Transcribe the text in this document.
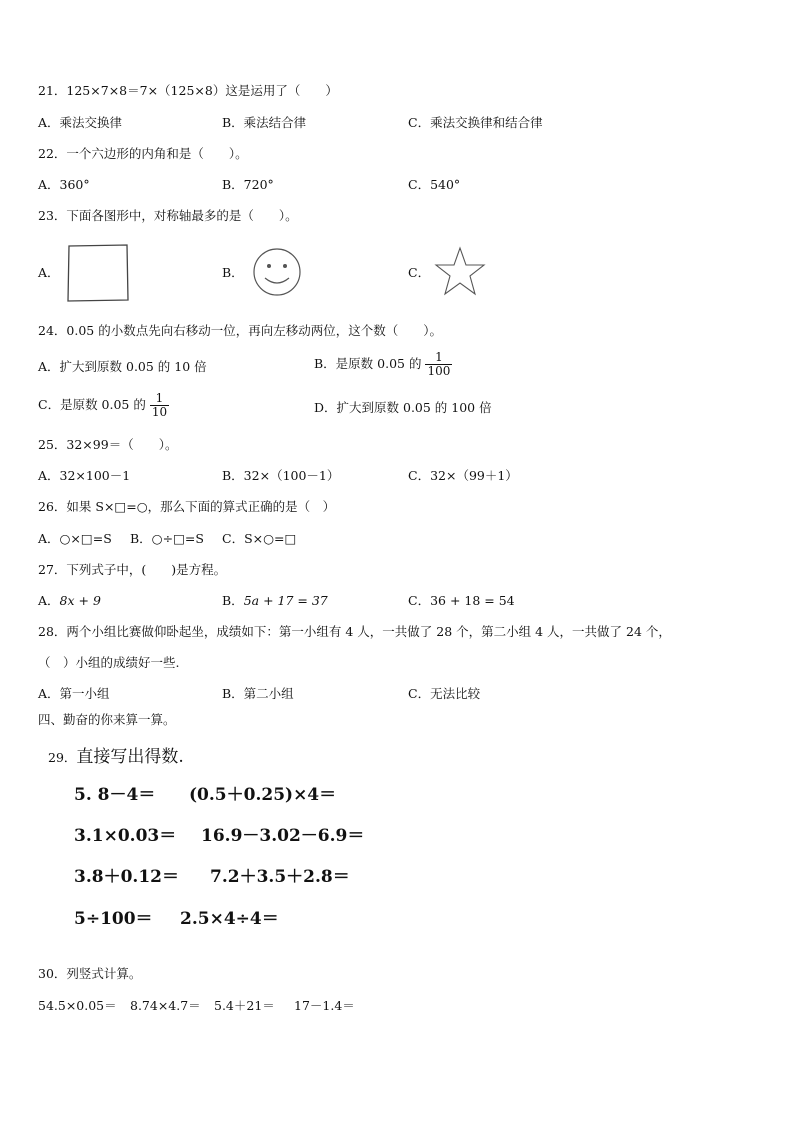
21．125×7×8＝7×（125×8）这是运用了（　　）
A．乘法交换律	B．乘法结合律	C．乘法交换律和结合律
22．一个六边形的内角和是（　　）。
A．360°	B．720°	C．540°
23．下面各图形中，对称轴最多的是（　　）。
A．	B．	C．
24．0.05 的小数点先向右移动一位，再向左移动两位，这个数（　　）。
A．扩大到原数 0.05 的 10 倍	B．是原数 0.05 的 $\frac{1}{100}$
C．是原数 0.05 的 $\frac{1}{10}$	D．扩大到原数 0.05 的 100 倍
25．32×99＝（　　）。
A．32×100－1	B．32×（100－1）	C．32×（99＋1）
26．如果 S×□=○，那么下面的算式正确的是（　）
A．○×□=S B．○÷□=S C．S×○=□
27．下列式子中，(　　)是方程。
A．8x + 9	B．5a + 17 = 37	C．36 + 18 = 54
28．两个小组比赛做仰卧起坐，成绩如下：第一小组有 4 人，一共做了 28 个，第二小组 4 人，一共做了 24 个，
（　）小组的成绩好一些.
A．第一小组	B．第二小组	C．无法比较
四、勤奋的你来算一算。
29．直接写出得数.
5. 8－4＝ (0.5＋0.25)×4＝
3.1×0.03＝ 16.9－3.02－6.9＝
3.8＋0.12＝ 7.2＋3.5＋2.8＝
5÷100＝ 2.5×4÷4＝
30．列竖式计算。
54.5×0.05＝ 8.74×4.7＝ 5.4＋21＝ 17－1.4＝
